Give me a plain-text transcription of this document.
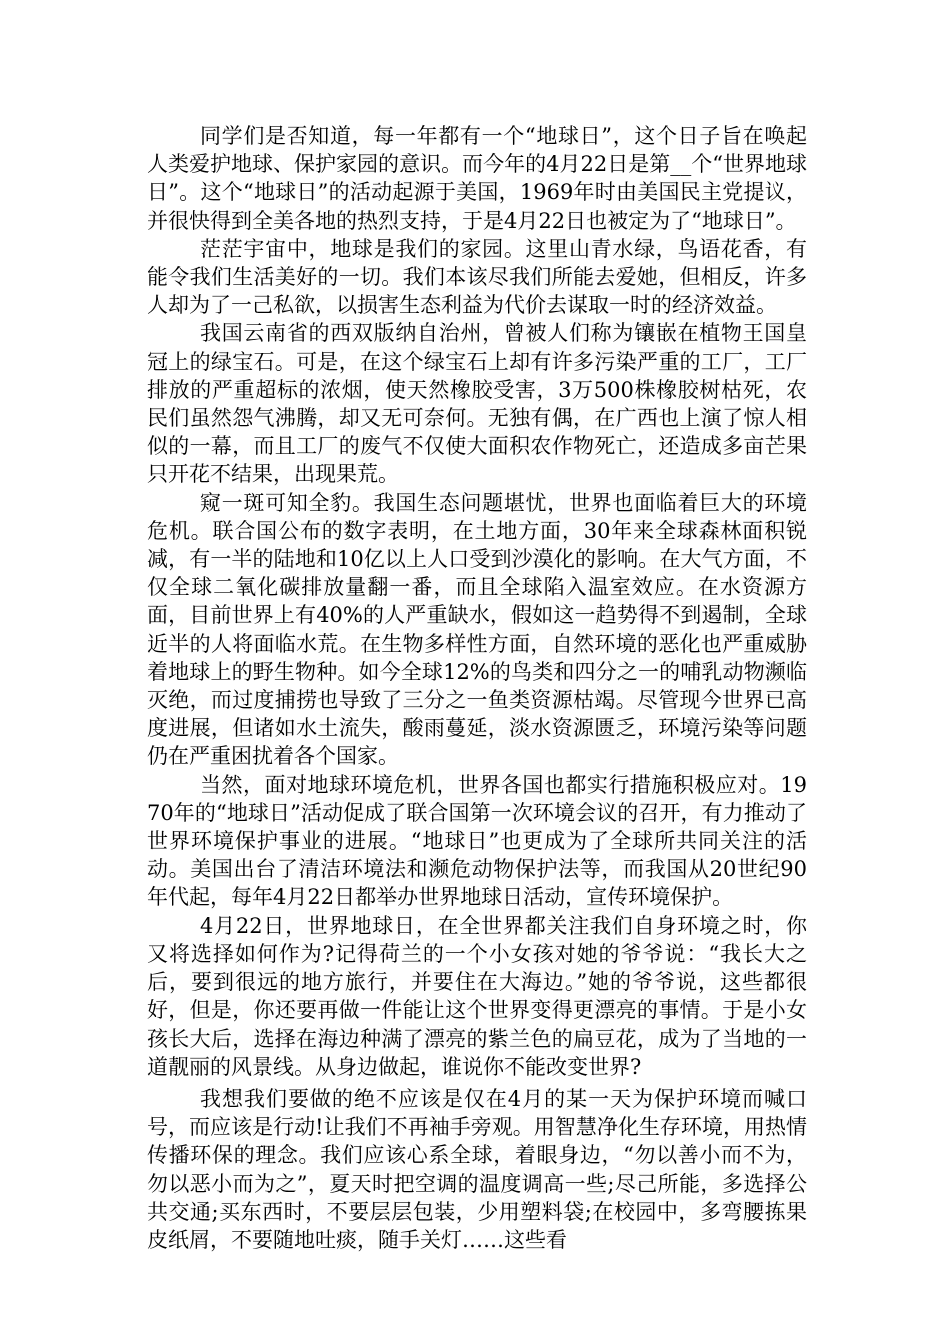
同学们是否知道，每一年都有一个“地球日”，这个日子旨在唤起人类爱护地球、保护家园的意识。而今年的4月22日是第__个“世界地球日”。这个“地球日”的活动起源于美国，1969年时由美国民主党提议，并很快得到全美各地的热烈支持，于是4月22日也被定为了“地球日”。

茫茫宇宙中，地球是我们的家园。这里山青水绿，鸟语花香，有能令我们生活美好的一切。我们本该尽我们所能去爱她，但相反，许多人却为了一己私欲，以损害生态利益为代价去谋取一时的经济效益。

我国云南省的西双版纳自治州，曾被人们称为镶嵌在植物王国皇冠上的绿宝石。可是，在这个绿宝石上却有许多污染严重的工厂，工厂排放的严重超标的浓烟，使天然橡胶受害，3万500株橡胶树枯死，农民们虽然怨气沸腾，却又无可奈何。无独有偶，在广西也上演了惊人相似的一幕，而且工厂的废气不仅使大面积农作物死亡，还造成多亩芒果只开花不结果，出现果荒。

窥一斑可知全豹。我国生态问题堪忧，世界也面临着巨大的环境危机。联合国公布的数字表明，在土地方面，30年来全球森林面积锐减，有一半的陆地和10亿以上人口受到沙漠化的影响。在大气方面，不仅全球二氧化碳排放量翻一番，而且全球陷入温室效应。在水资源方面，目前世界上有40%的人严重缺水，假如这一趋势得不到遏制，全球近半的人将面临水荒。在生物多样性方面，自然环境的恶化也严重威胁着地球上的野生物种。如今全球12%的鸟类和四分之一的哺乳动物濒临灭绝，而过度捕捞也导致了三分之一鱼类资源枯竭。尽管现今世界已高度进展，但诸如水土流失，酸雨蔓延，淡水资源匮乏，环境污染等问题仍在严重困扰着各个国家。

当然，面对地球环境危机，世界各国也都实行措施积极应对。1970年的“地球日”活动促成了联合国第一次环境会议的召开，有力推动了世界环境保护事业的进展。“地球日”也更成为了全球所共同关注的活动。美国出台了清洁环境法和濒危动物保护法等，而我国从20世纪90年代起，每年4月22日都举办世界地球日活动，宣传环境保护。

4月22日，世界地球日，在全世界都关注我们自身环境之时，你又将选择如何作为?记得荷兰的一个小女孩对她的爷爷说：“我长大之后，要到很远的地方旅行，并要住在大海边。”她的爷爷说，这些都很好，但是，你还要再做一件能让这个世界变得更漂亮的事情。于是小女孩长大后，选择在海边种满了漂亮的紫兰色的扁豆花，成为了当地的一道靓丽的风景线。从身边做起，谁说你不能改变世界?

我想我们要做的绝不应该是仅在4月的某一天为保护环境而喊口号，而应该是行动!让我们不再袖手旁观。用智慧净化生存环境，用热情传播环保的理念。我们应该心系全球，着眼身边，“勿以善小而不为，勿以恶小而为之”，夏天时把空调的温度调高一些;尽己所能，多选择公共交通;买东西时，不要层层包装，少用塑料袋;在校园中，多弯腰拣果皮纸屑，不要随地吐痰，随手关灯……这些看
